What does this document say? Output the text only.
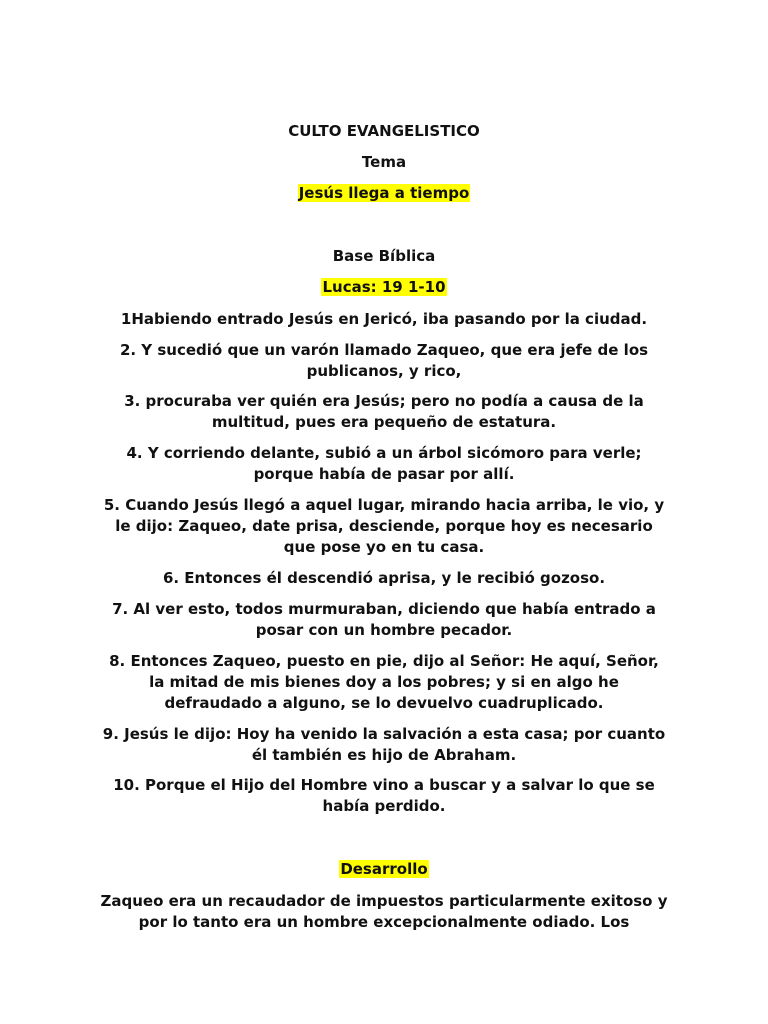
CULTO EVANGELISTICO
Tema
Jesús llega a tiempo
Base Bíblica
Lucas: 19 1-10
1Habiendo entrado Jesús en Jericó, iba pasando por la ciudad.
2. Y sucedió que un varón llamado Zaqueo, que era jefe de los publicanos, y rico,
3. procuraba ver quién era Jesús; pero no podía a causa de la multitud, pues era pequeño de estatura.
4. Y corriendo delante, subió a un árbol sicómoro para verle; porque había de pasar por allí.
5. Cuando Jesús llegó a aquel lugar, mirando hacia arriba, le vio, y le dijo: Zaqueo, date prisa, desciende, porque hoy es necesario que pose yo en tu casa.
6. Entonces él descendió aprisa, y le recibió gozoso.
7. Al ver esto, todos murmuraban, diciendo que había entrado a posar con un hombre pecador.
8. Entonces Zaqueo, puesto en pie, dijo al Señor: He aquí, Señor, la mitad de mis bienes doy a los pobres; y si en algo he defraudado a alguno, se lo devuelvo cuadruplicado.
9. Jesús le dijo: Hoy ha venido la salvación a esta casa; por cuanto él también es hijo de Abraham.
10. Porque el Hijo del Hombre vino a buscar y a salvar lo que se había perdido.
Desarrollo
Zaqueo era un recaudador de impuestos particularmente exitoso y por lo tanto era un hombre excepcionalmente odiado. Los
